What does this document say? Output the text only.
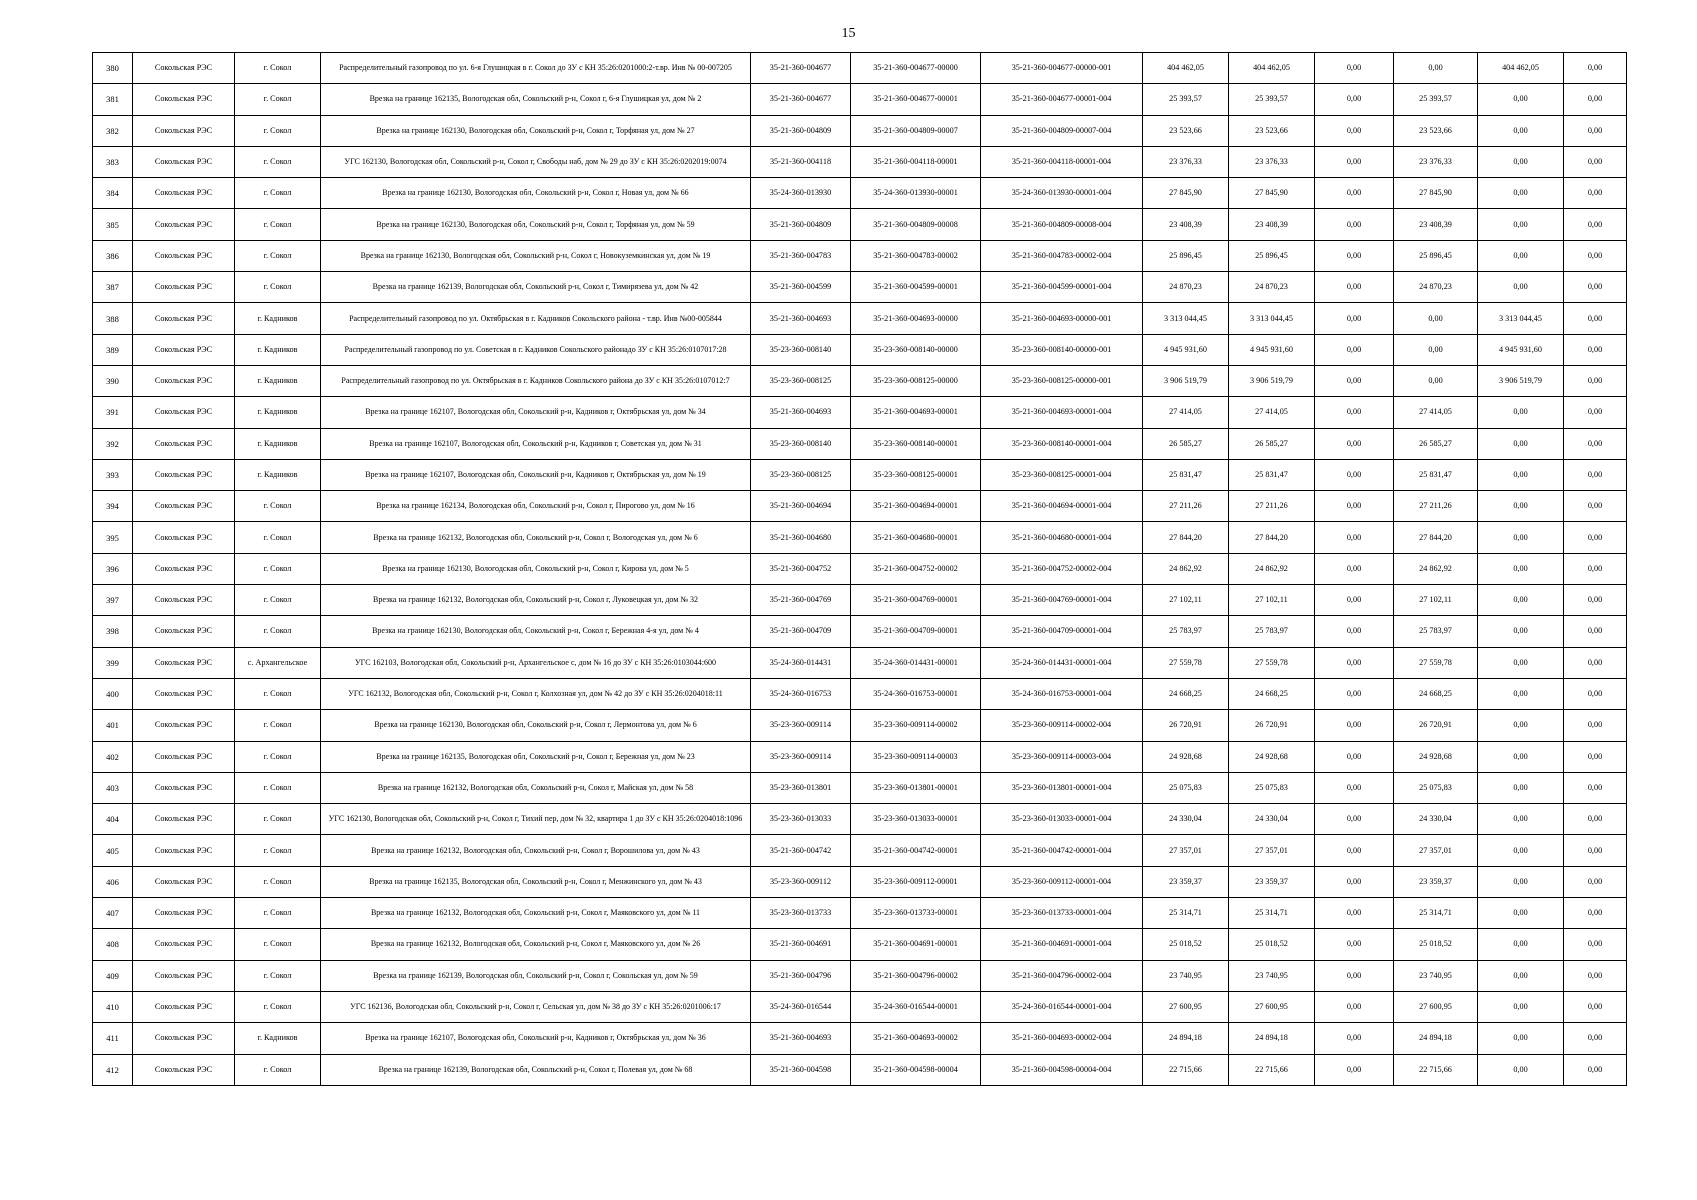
15
380	Сокольская РЭС	г. Сокол	Распределительный газопровод по ул. 6-я Глушицкая в г. Сокол до ЗУ с КН 35:26:0201000:2-т.вр. Инв № 00-007205	35-21-360-004677	35-21-360-004677-00000	35-21-360-004677-00000-001	404 462,05	404 462,05	0,00	0,00	404 462,05	0,00
381	Сокольская РЭС	г. Сокол	Врезка на границе 162135, Вологодская обл, Сокольский р-н, Сокол г, 6-я Глушицкая ул, дом № 2	35-21-360-004677	35-21-360-004677-00001	35-21-360-004677-00001-004	25 393,57	25 393,57	0,00	25 393,57	0,00	0,00
382	Сокольская РЭС	г. Сокол	Врезка на границе 162130, Вологодская обл, Сокольский р-н, Сокол г, Торфяная ул, дом № 27	35-21-360-004809	35-21-360-004809-00007	35-21-360-004809-00007-004	23 523,66	23 523,66	0,00	23 523,66	0,00	0,00
383	Сокольская РЭС	г. Сокол	УГС 162130, Вологодская обл, Сокольский р-н, Сокол г, Свободы наб, дом № 29 до ЗУ с КН 35:26:0202019:0074	35-21-360-004118	35-21-360-004118-00001	35-21-360-004118-00001-004	23 376,33	23 376,33	0,00	23 376,33	0,00	0,00
384	Сокольская РЭС	г. Сокол	Врезка на границе 162130, Вологодская обл, Сокольский р-н, Сокол г, Новая ул, дом № 66	35-24-360-013930	35-24-360-013930-00001	35-24-360-013930-00001-004	27 845,90	27 845,90	0,00	27 845,90	0,00	0,00
385	Сокольская РЭС	г. Сокол	Врезка на границе 162130, Вологодская обл, Сокольский р-н, Сокол г, Торфяная ул, дом № 59	35-21-360-004809	35-21-360-004809-00008	35-21-360-004809-00008-004	23 408,39	23 408,39	0,00	23 408,39	0,00	0,00
386	Сокольская РЭС	г. Сокол	Врезка на границе 162130, Вологодская обл, Сокольский р-н, Сокол г, Новокуземкинская ул, дом № 19	35-21-360-004783	35-21-360-004783-00002	35-21-360-004783-00002-004	25 896,45	25 896,45	0,00	25 896,45	0,00	0,00
387	Сокольская РЭС	г. Сокол	Врезка на границе 162139, Вологодская обл, Сокольский р-н, Сокол г, Тимирязева ул, дом № 42	35-21-360-004599	35-21-360-004599-00001	35-21-360-004599-00001-004	24 870,23	24 870,23	0,00	24 870,23	0,00	0,00
388	Сокольская РЭС	г. Кадников	Распределительный газопровод по ул. Октябрьская в г. Кадников Сокольского района - т.вр. Инв №00-005844	35-21-360-004693	35-21-360-004693-00000	35-21-360-004693-00000-001	3 313 044,45	3 313 044,45	0,00	0,00	3 313 044,45	0,00
389	Сокольская РЭС	г. Кадников	Распределительный газопровод по ул. Советская в г. Кадников Сокольского районадо ЗУ с КН 35:26:0107017:28	35-23-360-008140	35-23-360-008140-00000	35-23-360-008140-00000-001	4 945 931,60	4 945 931,60	0,00	0,00	4 945 931,60	0,00
390	Сокольская РЭС	г. Кадников	Распределительный газопровод по ул. Октябрьская в г. Кадников Сокольского района до ЗУ с КН 35:26:0107012:7	35-23-360-008125	35-23-360-008125-00000	35-23-360-008125-00000-001	3 906 519,79	3 906 519,79	0,00	0,00	3 906 519,79	0,00
391	Сокольская РЭС	г. Кадников	Врезка на границе 162107, Вологодская обл, Сокольский р-н, Кадников г, Октябрьская ул, дом № 34	35-21-360-004693	35-21-360-004693-00001	35-21-360-004693-00001-004	27 414,05	27 414,05	0,00	27 414,05	0,00	0,00
392	Сокольская РЭС	г. Кадников	Врезка на границе 162107, Вологодская обл, Сокольский р-н, Кадников г, Советская ул, дом № 31	35-23-360-008140	35-23-360-008140-00001	35-23-360-008140-00001-004	26 585,27	26 585,27	0,00	26 585,27	0,00	0,00
393	Сокольская РЭС	г. Кадников	Врезка на границе 162107, Вологодская обл, Сокольский р-н, Кадников г, Октябрьская ул, дом № 19	35-23-360-008125	35-23-360-008125-00001	35-23-360-008125-00001-004	25 831,47	25 831,47	0,00	25 831,47	0,00	0,00
394	Сокольская РЭС	г. Сокол	Врезка на границе 162134, Вологодская обл, Сокольский р-н, Сокол г, Пирогово ул, дом № 16	35-21-360-004694	35-21-360-004694-00001	35-21-360-004694-00001-004	27 211,26	27 211,26	0,00	27 211,26	0,00	0,00
395	Сокольская РЭС	г. Сокол	Врезка на границе 162132, Вологодская обл, Сокольский р-н, Сокол г, Вологодская ул, дом № 6	35-21-360-004680	35-21-360-004680-00001	35-21-360-004680-00001-004	27 844,20	27 844,20	0,00	27 844,20	0,00	0,00
396	Сокольская РЭС	г. Сокол	Врезка на границе 162130, Вологодская обл, Сокольский р-н, Сокол г, Кирова ул, дом № 5	35-21-360-004752	35-21-360-004752-00002	35-21-360-004752-00002-004	24 862,92	24 862,92	0,00	24 862,92	0,00	0,00
397	Сокольская РЭС	г. Сокол	Врезка на границе 162132, Вологодская обл, Сокольский р-н, Сокол г, Луковецкая ул, дом № 32	35-21-360-004769	35-21-360-004769-00001	35-21-360-004769-00001-004	27 102,11	27 102,11	0,00	27 102,11	0,00	0,00
398	Сокольская РЭС	г. Сокол	Врезка на границе 162130, Вологодская обл, Сокольский р-н, Сокол г, Бережная 4-я ул, дом № 4	35-21-360-004709	35-21-360-004709-00001	35-21-360-004709-00001-004	25 783,97	25 783,97	0,00	25 783,97	0,00	0,00
399	Сокольская РЭС	с. Архангельское	УГС 162103, Вологодская обл, Сокольский р-н, Архангельское с, дом № 16 до ЗУ с КН 35:26:0103044:600	35-24-360-014431	35-24-360-014431-00001	35-24-360-014431-00001-004	27 559,78	27 559,78	0,00	27 559,78	0,00	0,00
400	Сокольская РЭС	г. Сокол	УГС 162132, Вологодская обл, Сокольский р-н, Сокол г, Колхозная ул, дом № 42 до ЗУ с КН 35:26:0204018:11	35-24-360-016753	35-24-360-016753-00001	35-24-360-016753-00001-004	24 668,25	24 668,25	0,00	24 668,25	0,00	0,00
401	Сокольская РЭС	г. Сокол	Врезка на границе 162130, Вологодская обл, Сокольский р-н, Сокол г, Лермонтова ул, дом № 6	35-23-360-009114	35-23-360-009114-00002	35-23-360-009114-00002-004	26 720,91	26 720,91	0,00	26 720,91	0,00	0,00
402	Сокольская РЭС	г. Сокол	Врезка на границе 162135, Вологодская обл, Сокольский р-н, Сокол г, Бережная ул, дом № 23	35-23-360-009114	35-23-360-009114-00003	35-23-360-009114-00003-004	24 928,68	24 928,68	0,00	24 928,68	0,00	0,00
403	Сокольская РЭС	г. Сокол	Врезка на границе 162132, Вологодская обл, Сокольский р-н, Сокол г, Майская ул, дом № 58	35-23-360-013801	35-23-360-013801-00001	35-23-360-013801-00001-004	25 075,83	25 075,83	0,00	25 075,83	0,00	0,00
404	Сокольская РЭС	г. Сокол	УГС 162130, Вологодская обл, Сокольский р-н, Сокол г, Тихий пер, дом № 32, квартира 1 до ЗУ с КН 35:26:0204018:1096	35-23-360-013033	35-23-360-013033-00001	35-23-360-013033-00001-004	24 330,04	24 330,04	0,00	24 330,04	0,00	0,00
405	Сокольская РЭС	г. Сокол	Врезка на границе 162132, Вологодская обл, Сокольский р-н, Сокол г, Ворошилова ул, дом № 43	35-21-360-004742	35-21-360-004742-00001	35-21-360-004742-00001-004	27 357,01	27 357,01	0,00	27 357,01	0,00	0,00
406	Сокольская РЭС	г. Сокол	Врезка на границе 162135, Вологодская обл, Сокольский р-н, Сокол г, Менжинского ул, дом № 43	35-23-360-009112	35-23-360-009112-00001	35-23-360-009112-00001-004	23 359,37	23 359,37	0,00	23 359,37	0,00	0,00
407	Сокольская РЭС	г. Сокол	Врезка на границе 162132, Вологодская обл, Сокольский р-н, Сокол г, Маяковского ул, дом № 11	35-23-360-013733	35-23-360-013733-00001	35-23-360-013733-00001-004	25 314,71	25 314,71	0,00	25 314,71	0,00	0,00
408	Сокольская РЭС	г. Сокол	Врезка на границе 162132, Вологодская обл, Сокольский р-н, Сокол г, Маяковского ул, дом № 26	35-21-360-004691	35-21-360-004691-00001	35-21-360-004691-00001-004	25 018,52	25 018,52	0,00	25 018,52	0,00	0,00
409	Сокольская РЭС	г. Сокол	Врезка на границе 162139, Вологодская обл, Сокольский р-н, Сокол г, Сокольская ул, дом № 59	35-21-360-004796	35-21-360-004796-00002	35-21-360-004796-00002-004	23 740,95	23 740,95	0,00	23 740,95	0,00	0,00
410	Сокольская РЭС	г. Сокол	УГС 162136, Вологодская обл, Сокольский р-н, Сокол г, Сельская ул, дом № 38 до ЗУ с КН 35:26:0201006:17	35-24-360-016544	35-24-360-016544-00001	35-24-360-016544-00001-004	27 600,95	27 600,95	0,00	27 600,95	0,00	0,00
411	Сокольская РЭС	г. Кадников	Врезка на границе 162107, Вологодская обл, Сокольский р-н, Кадников г, Октябрьская ул, дом № 36	35-21-360-004693	35-21-360-004693-00002	35-21-360-004693-00002-004	24 894,18	24 894,18	0,00	24 894,18	0,00	0,00
412	Сокольская РЭС	г. Сокол	Врезка на границе 162139, Вологодская обл, Сокольский р-н, Сокол г, Полевая ул, дом № 68	35-21-360-004598	35-21-360-004598-00004	35-21-360-004598-00004-004	22 715,66	22 715,66	0,00	22 715,66	0,00	0,00
